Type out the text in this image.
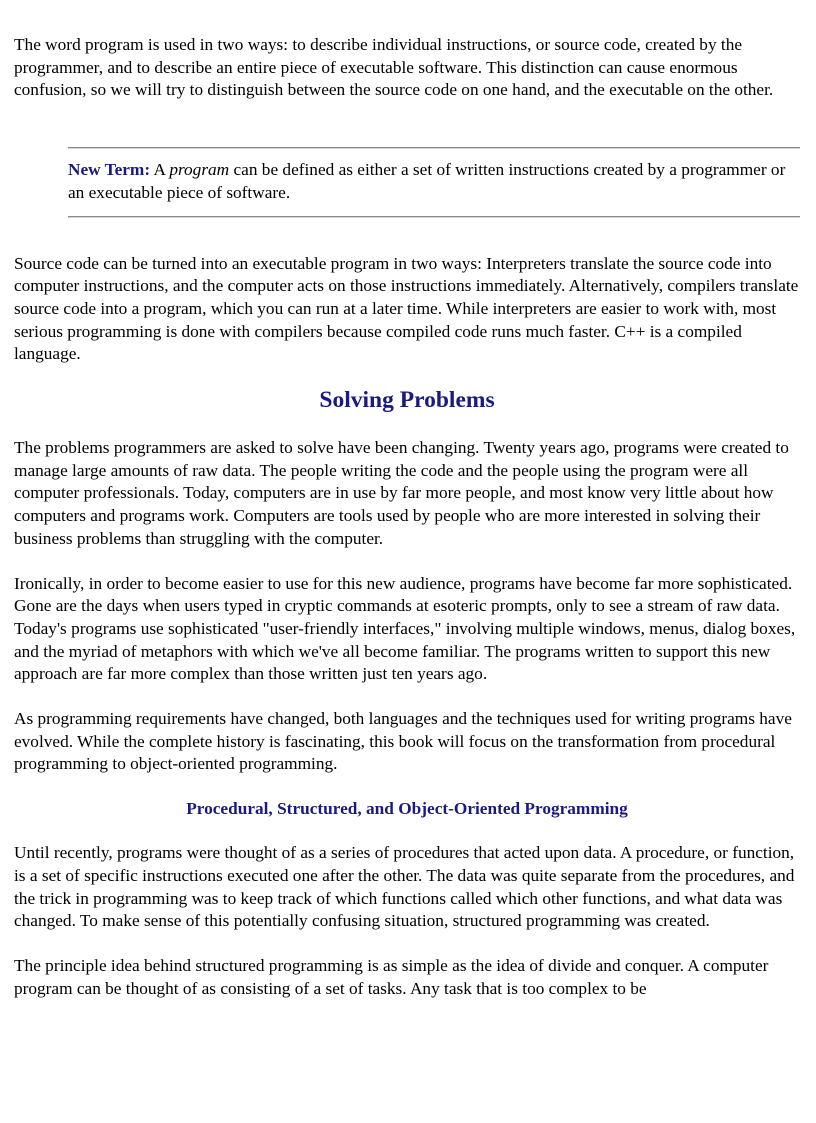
The word program is used in two ways: to describe individual instructions, or source code, created by the programmer, and to describe an entire piece of executable software. This distinction can cause enormous confusion, so we will try to distinguish between the source code on one hand, and the executable on the other.

New Term: A program can be defined as either a set of written instructions created by a programmer or an executable piece of software.

Source code can be turned into an executable program in two ways: Interpreters translate the source code into computer instructions, and the computer acts on those instructions immediately. Alternatively, compilers translate source code into a program, which you can run at a later time. While interpreters are easier to work with, most serious programming is done with compilers because compiled code runs much faster. C++ is a compiled language.

Solving Problems

The problems programmers are asked to solve have been changing. Twenty years ago, programs were created to manage large amounts of raw data. The people writing the code and the people using the program were all computer professionals. Today, computers are in use by far more people, and most know very little about how computers and programs work. Computers are tools used by people who are more interested in solving their business problems than struggling with the computer.

Ironically, in order to become easier to use for this new audience, programs have become far more sophisticated. Gone are the days when users typed in cryptic commands at esoteric prompts, only to see a stream of raw data. Today's programs use sophisticated "user-friendly interfaces," involving multiple windows, menus, dialog boxes, and the myriad of metaphors with which we've all become familiar. The programs written to support this new approach are far more complex than those written just ten years ago.

As programming requirements have changed, both languages and the techniques used for writing programs have evolved. While the complete history is fascinating, this book will focus on the transformation from procedural programming to object-oriented programming.

Procedural, Structured, and Object-Oriented Programming

Until recently, programs were thought of as a series of procedures that acted upon data. A procedure, or function, is a set of specific instructions executed one after the other. The data was quite separate from the procedures, and the trick in programming was to keep track of which functions called which other functions, and what data was changed. To make sense of this potentially confusing situation, structured programming was created.

The principle idea behind structured programming is as simple as the idea of divide and conquer. A computer program can be thought of as consisting of a set of tasks. Any task that is too complex to be
